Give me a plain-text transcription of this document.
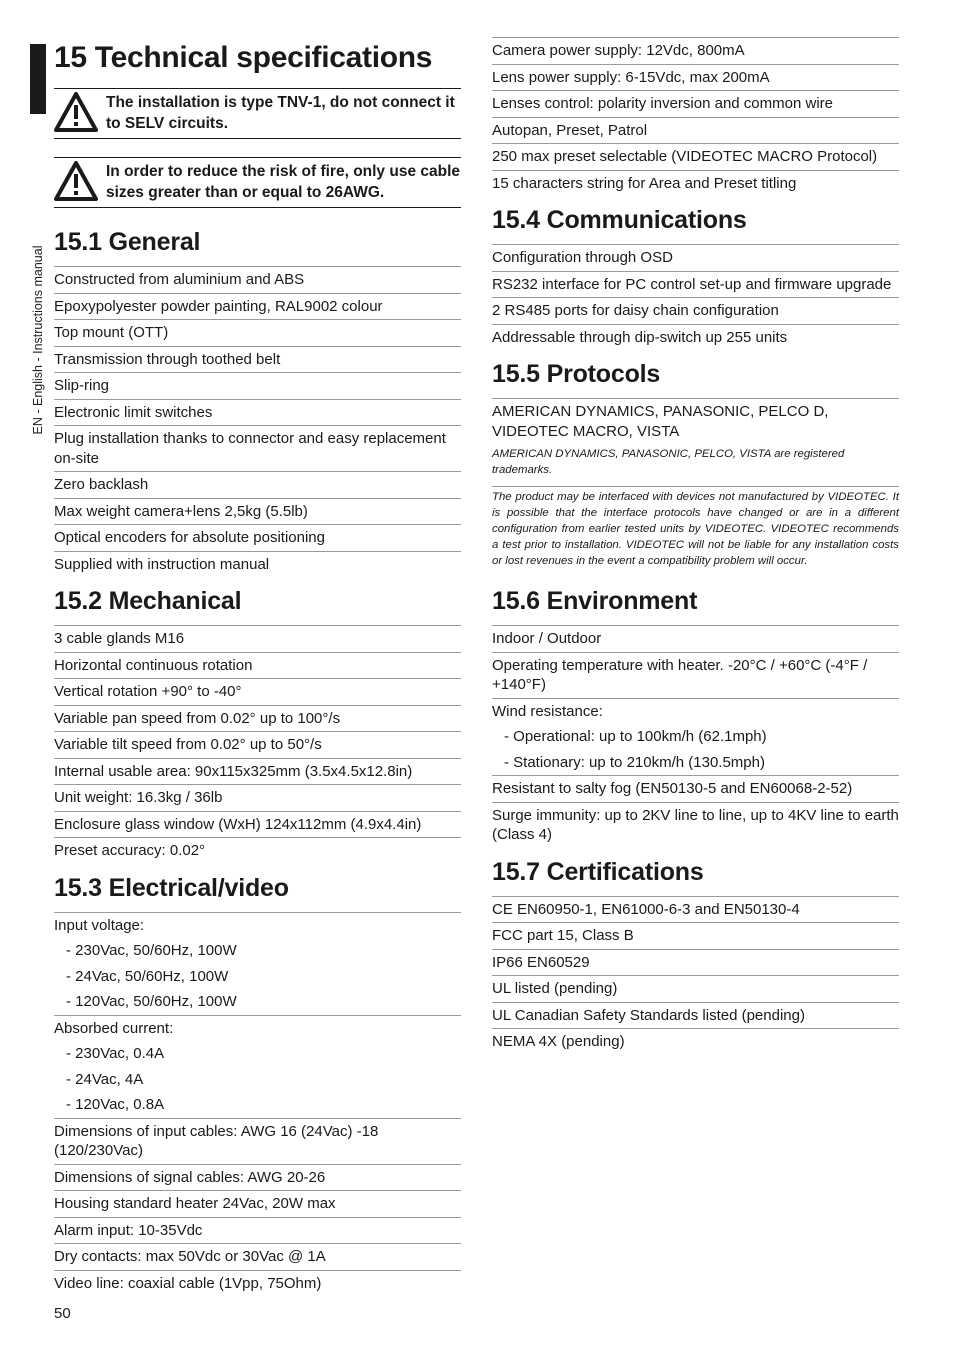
EN - English - Instructions manual
15 Technical specifications
The installation is type TNV-1, do not connect it to SELV circuits.
In order to reduce the risk of fire, only use cable sizes greater than or equal to 26AWG.
15.1 General
Constructed from aluminium and ABS
Epoxypolyester powder painting, RAL9002 colour
Top mount (OTT)
Transmission through toothed belt
Slip-ring
Electronic limit switches
Plug installation thanks to connector and easy replacement on-site
Zero backlash
Max weight camera+lens 2,5kg (5.5lb)
Optical encoders for absolute positioning
Supplied with instruction manual
15.2 Mechanical
3 cable glands M16
Horizontal continuous rotation
Vertical rotation +90° to -40°
Variable pan speed from 0.02° up to 100°/s
Variable tilt speed from 0.02° up to 50°/s
Internal usable area: 90x115x325mm (3.5x4.5x12.8in)
Unit weight: 16.3kg / 36lb
Enclosure glass window (WxH) 124x112mm (4.9x4.4in)
Preset accuracy: 0.02°
15.3 Electrical/video
Input voltage:
- 230Vac, 50/60Hz, 100W
- 24Vac, 50/60Hz, 100W
- 120Vac, 50/60Hz, 100W
Absorbed current:
- 230Vac, 0.4A
- 24Vac, 4A
- 120Vac, 0.8A
Dimensions of input cables: AWG 16 (24Vac) -18 (120/230Vac)
Dimensions of signal cables: AWG 20-26
Housing standard heater 24Vac, 20W max
Alarm input: 10-35Vdc
Dry contacts: max 50Vdc or 30Vac @ 1A
Video line: coaxial cable (1Vpp, 75Ohm)
Camera power supply: 12Vdc, 800mA
Lens power supply: 6-15Vdc, max 200mA
Lenses control: polarity inversion and common wire
Autopan, Preset, Patrol
250 max preset selectable (VIDEOTEC MACRO Protocol)
15 characters string for Area and Preset titling
15.4 Communications
Configuration through OSD
RS232 interface for PC control set-up and firmware upgrade
2 RS485 ports for daisy chain configuration
Addressable through dip-switch up 255 units
15.5 Protocols
AMERICAN DYNAMICS, PANASONIC, PELCO D, VIDEOTEC MACRO, VISTA
AMERICAN DYNAMICS, PANASONIC, PELCO, VISTA are registered trademarks.
The product may be interfaced with devices not manufactured by VIDEOTEC. It is possible that the interface protocols have changed or are in a different configuration from earlier tested units by VIDEOTEC. VIDEOTEC recommends a test prior to installation. VIDEOTEC will not be liable for any installation costs or lost revenues in the event a compatibility problem will occur.
15.6 Environment
Indoor / Outdoor
Operating temperature with heater. -20°C / +60°C (-4°F / +140°F)
Wind resistance:
- Operational: up to 100km/h (62.1mph)
- Stationary: up to 210km/h (130.5mph)
Resistant to salty fog (EN50130-5 and EN60068-2-52)
Surge immunity: up to 2KV line to line, up to 4KV line to earth (Class 4)
15.7 Certifications
CE EN60950-1, EN61000-6-3 and EN50130-4
FCC part 15, Class B
IP66 EN60529
UL listed (pending)
UL Canadian Safety Standards listed (pending)
NEMA 4X (pending)
50
